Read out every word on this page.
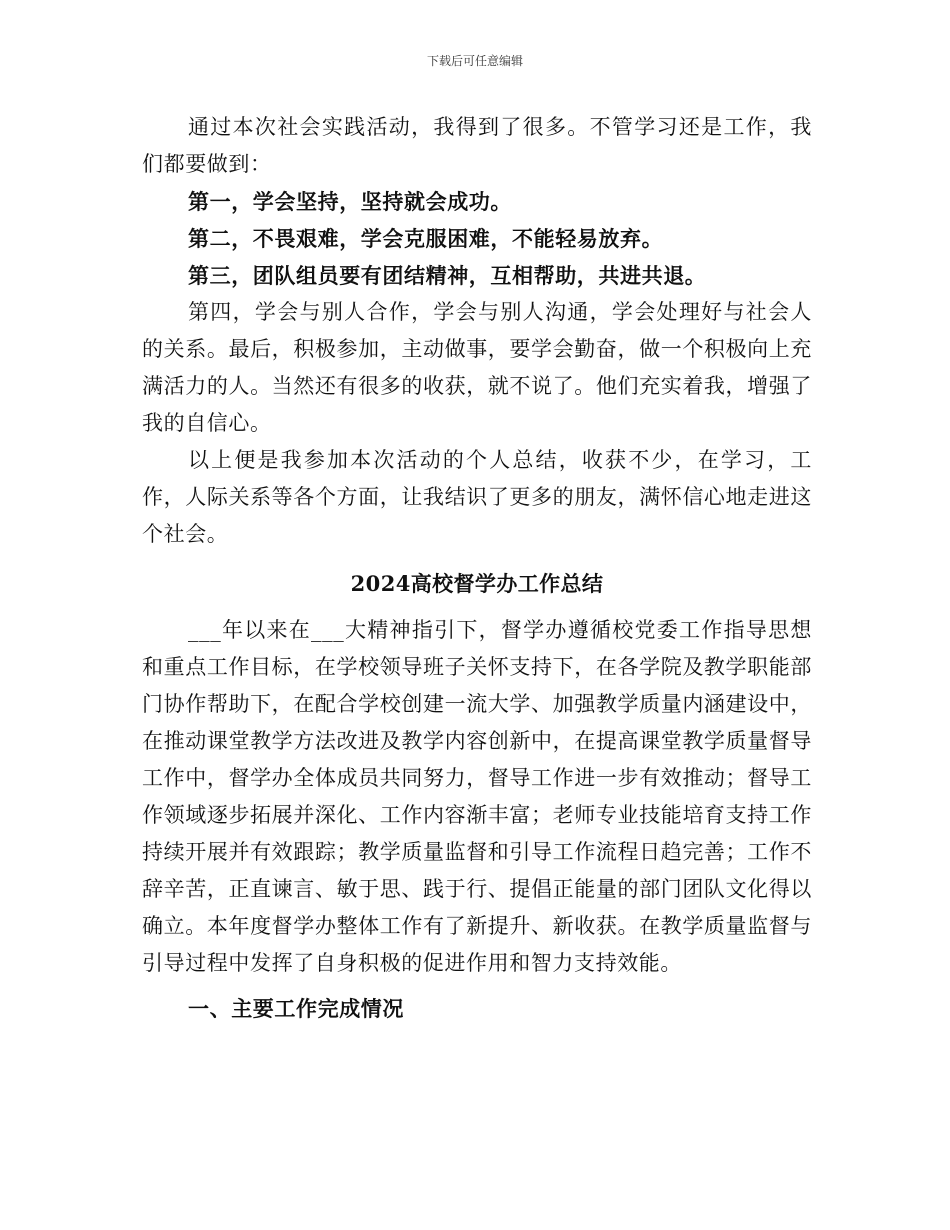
下载后可任意编辑

通过本次社会实践活动，我得到了很多。不管学习还是工作，我们都要做到：

第一，学会坚持，坚持就会成功。

第二，不畏艰难，学会克服困难，不能轻易放弃。

第三，团队组员要有团结精神，互相帮助，共进共退。

第四，学会与别人合作，学会与别人沟通，学会处理好与社会人的关系。最后，积极参加，主动做事，要学会勤奋，做一个积极向上充满活力的人。当然还有很多的收获，就不说了。他们充实着我，增强了我的自信心。

以上便是我参加本次活动的个人总结，收获不少，在学习，工作，人际关系等各个方面，让我结识了更多的朋友，满怀信心地走进这个社会。

2024高校督学办工作总结

___年以来在___大精神指引下，督学办遵循校党委工作指导思想和重点工作目标，在学校领导班子关怀支持下，在各学院及教学职能部门协作帮助下，在配合学校创建一流大学、加强教学质量内涵建设中，在推动课堂教学方法改进及教学内容创新中，在提高课堂教学质量督导工作中，督学办全体成员共同努力，督导工作进一步有效推动；督导工作领域逐步拓展并深化、工作内容渐丰富；老师专业技能培育支持工作持续开展并有效跟踪；教学质量监督和引导工作流程日趋完善；工作不辞辛苦，正直谏言、敏于思、践于行、提倡正能量的部门团队文化得以确立。本年度督学办整体工作有了新提升、新收获。在教学质量监督与引导过程中发挥了自身积极的促进作用和智力支持效能。

一、主要工作完成情况
